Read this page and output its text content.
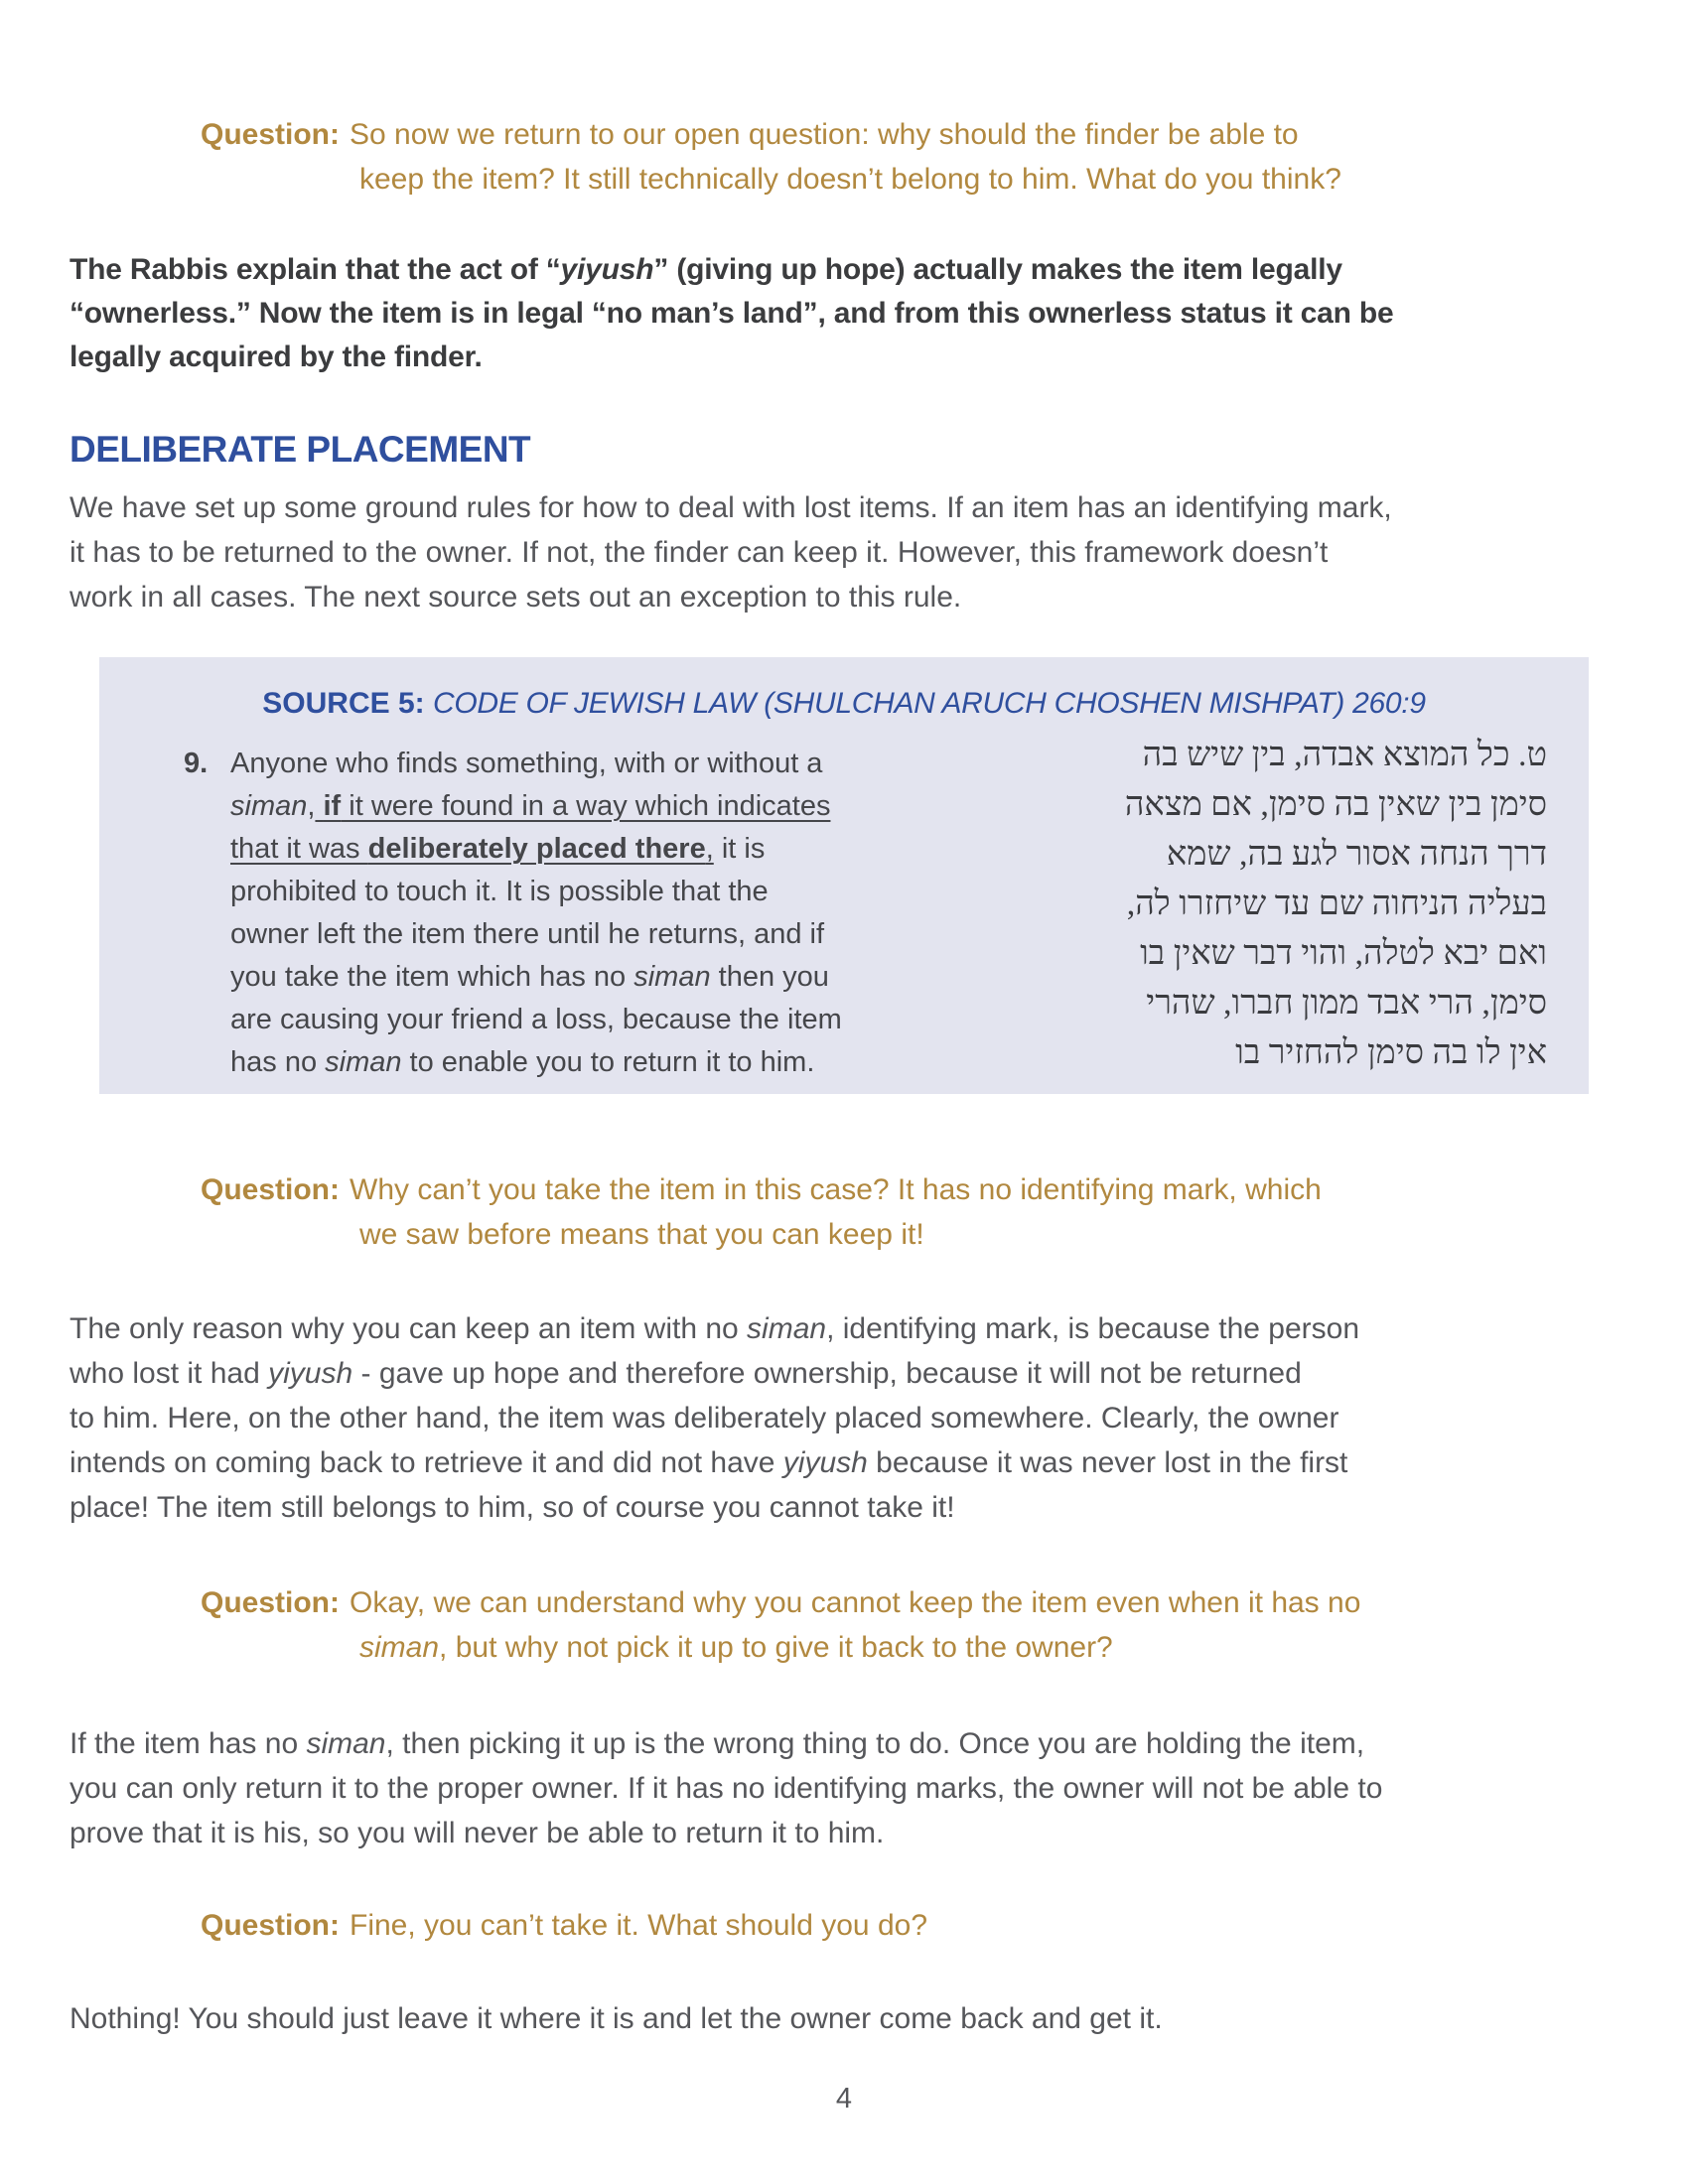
Question: So now we return to our open question: why should the finder be able to
keep the item? It still technically doesn’t belong to him. What do you think?
The Rabbis explain that the act of “yiyush” (giving up hope) actually makes the item legally
“ownerless.” Now the item is in legal “no man’s land”, and from this ownerless status it can be
legally acquired by the finder.
DELIBERATE PLACEMENT
We have set up some ground rules for how to deal with lost items. If an item has an identifying mark,
it has to be returned to the owner. If not, the finder can keep it. However, this framework doesn’t
work in all cases. The next source sets out an exception to this rule.
SOURCE 5: CODE OF JEWISH LAW (SHULCHAN ARUCH CHOSHEN MISHPAT) 260:9
9. Anyone who finds something, with or without a
siman, if it were found in a way which indicates
that it was deliberately placed there, it is
prohibited to touch it. It is possible that the
owner left the item there until he returns, and if
you take the item which has no siman then you
are causing your friend a loss, because the item
has no siman to enable you to return it to him.
ט. כל המוצא אבדה, בין שיש בה
סימן בין שאין בה סימן, אם מצאה
דרך הנחה אסור לגע בה, שמא
בעליה הניחוה שם עד שיחזרו לה,
ואם יבא לטלה, והוי דבר שאין בו
סימן, הרי אבד ממון חברו, שהרי
אין לו בה סימן להחזיר בו
Question: Why can’t you take the item in this case? It has no identifying mark, which
we saw before means that you can keep it!
The only reason why you can keep an item with no siman, identifying mark, is because the person
who lost it had yiyush - gave up hope and therefore ownership, because it will not be returned
to him. Here, on the other hand, the item was deliberately placed somewhere. Clearly, the owner
intends on coming back to retrieve it and did not have yiyush because it was never lost in the first
place! The item still belongs to him, so of course you cannot take it!
Question: Okay, we can understand why you cannot keep the item even when it has no
siman, but why not pick it up to give it back to the owner?
If the item has no siman, then picking it up is the wrong thing to do. Once you are holding the item,
you can only return it to the proper owner. If it has no identifying marks, the owner will not be able to
prove that it is his, so you will never be able to return it to him.
Question: Fine, you can’t take it. What should you do?
Nothing! You should just leave it where it is and let the owner come back and get it.
4
